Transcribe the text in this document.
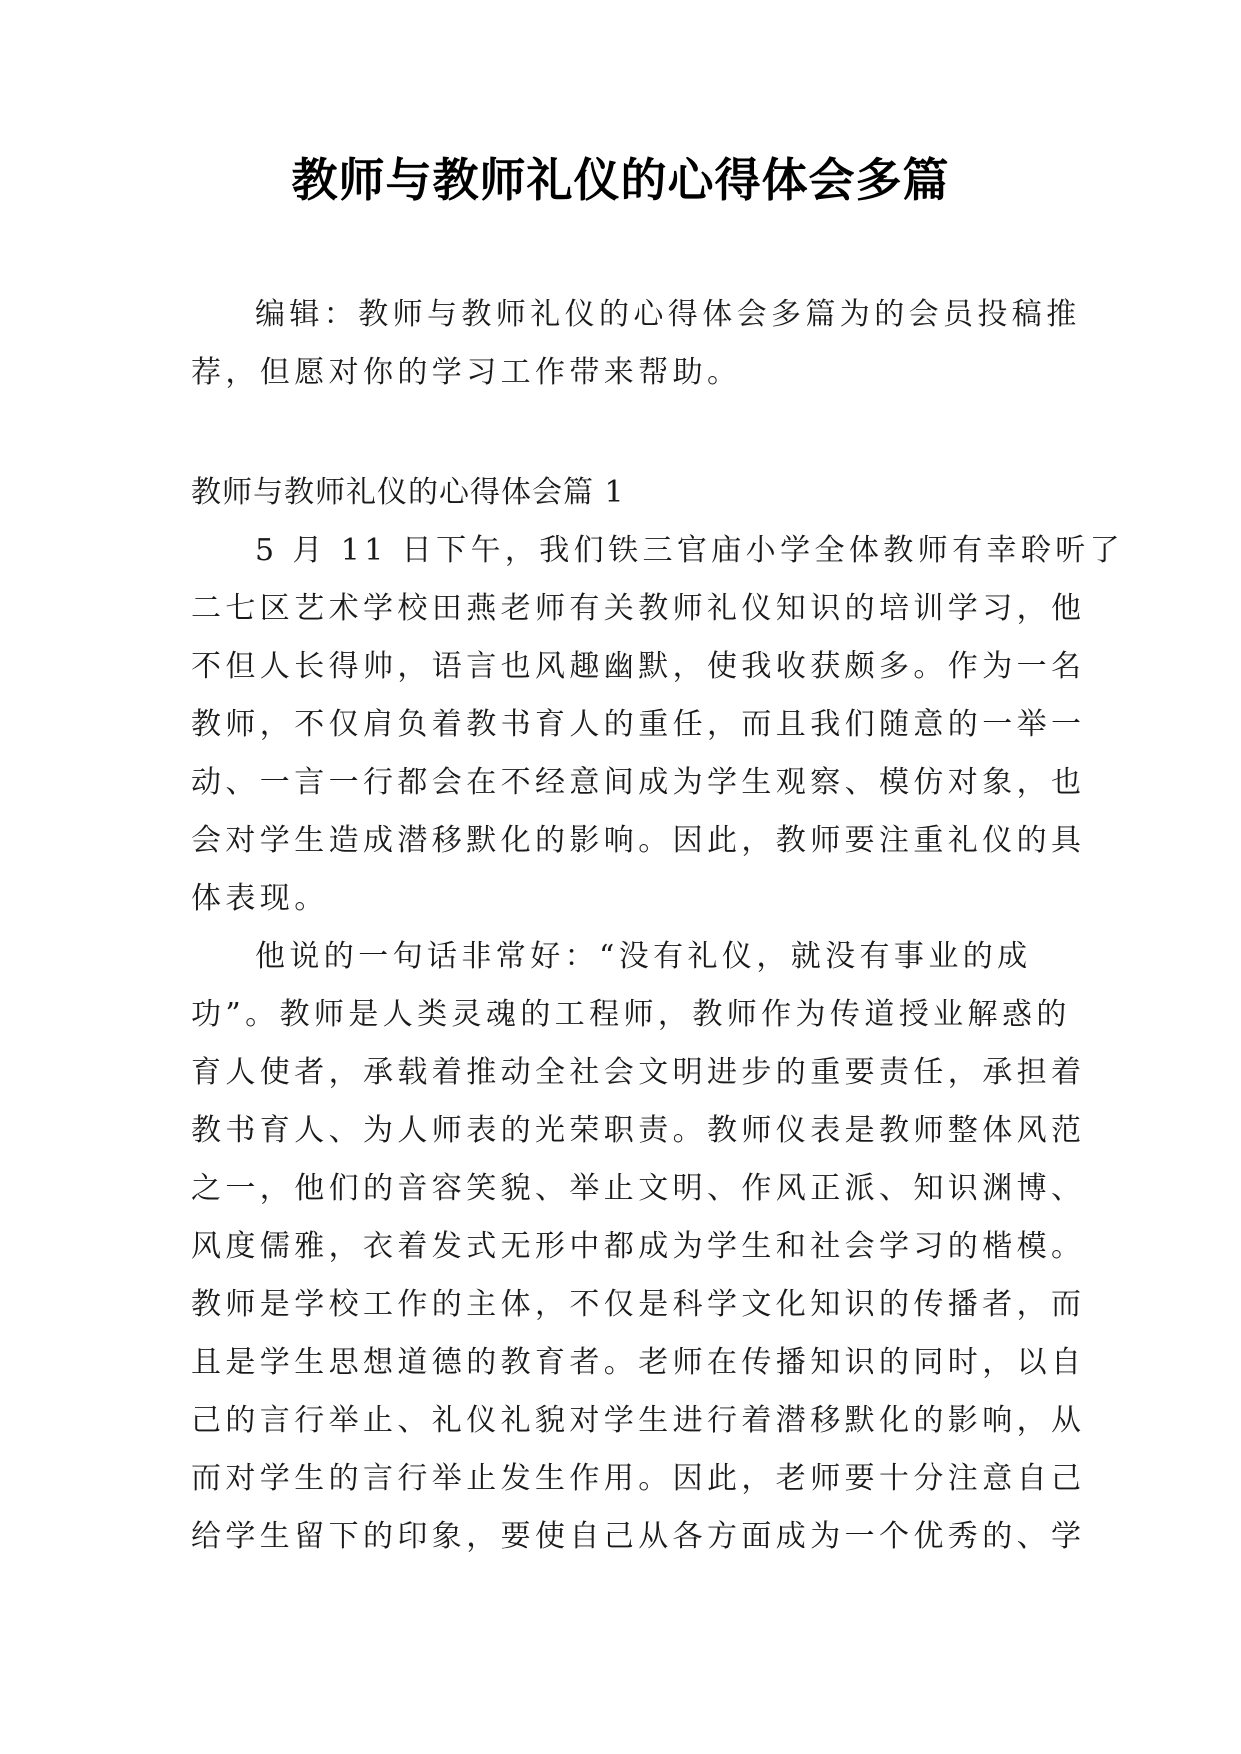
教师与教师礼仪的心得体会多篇
编辑：教师与教师礼仪的心得体会多篇为的会员投稿推
荐，但愿对你的学习工作带来帮助。
教师与教师礼仪的心得体会篇 1
5 月 11 日下午，我们铁三官庙小学全体教师有幸聆听了
二七区艺术学校田燕老师有关教师礼仪知识的培训学习，他
不但人长得帅，语言也风趣幽默，使我收获颇多。作为一名
教师，不仅肩负着教书育人的重任，而且我们随意的一举一
动、一言一行都会在不经意间成为学生观察、模仿对象，也
会对学生造成潜移默化的影响。因此，教师要注重礼仪的具
体表现。
他说的一句话非常好：“没有礼仪，就没有事业的成
功”。教师是人类灵魂的工程师，教师作为传道授业解惑的
育人使者，承载着推动全社会文明进步的重要责任，承担着
教书育人、为人师表的光荣职责。教师仪表是教师整体风范
之一，他们的音容笑貌、举止文明、作风正派、知识渊博、
风度儒雅，衣着发式无形中都成为学生和社会学习的楷模。
教师是学校工作的主体，不仅是科学文化知识的传播者，而
且是学生思想道德的教育者。老师在传播知识的同时，以自
己的言行举止、礼仪礼貌对学生进行着潜移默化的影响，从
而对学生的言行举止发生作用。因此，老师要十分注意自己
给学生留下的印象，要使自己从各方面成为一个优秀的、学
